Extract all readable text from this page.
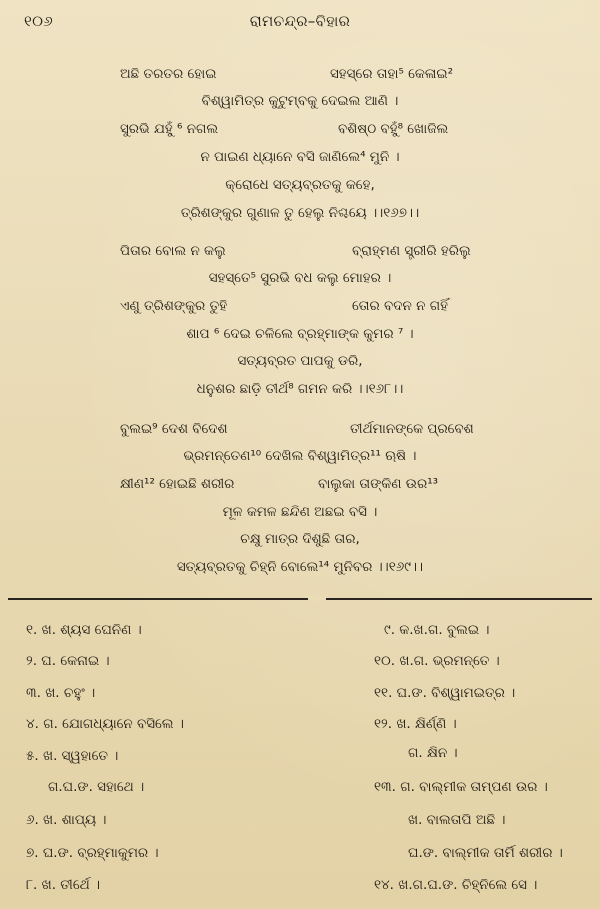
୧୦୬	ରାମଚନ୍ଦ୍ର–ବିହାର
ଅଛି ତରତର ହୋଇ	ସହସ୍ରେ ତାହା⁵ କେଳାଇ²
ବିଶ୍ୱାମିତ୍ର କୁଟୁମ୍ବକୁ ଦେଇଲ ଆଣି ।
ସୁରଭି ଯହୁଁ ⁶ ନଗଲ	ବଶିଷ୍ଠ ବହୁଁ⁸ ଖୋଜିଲ
ନ ପାଇଣ ଧ୍ୟାନେ ବସି ଜାଣିଲେ⁴ ମୁନି ।
କ୍ରୋଧେ ସତ୍ୟବ୍ରତକୁ କହେ,
ତ୍ରିଶଙ୍କୁର ଗୁଣାଳ ତୁ ହେଲୁ ନିଶ୍ଚୟେ ।।୧୬୭।।
ପିତାର ବୋଲ ନ କଲୁ	ବ୍ରାହ୍ମଣ ସ୍ତ୍ରୀରି ହରିଲୁ
ସହସ୍ତେ⁵ ସୁରଭି ବଧ କଲୁ ମୋହର ।
ଏଣୁ ତ୍ରିଶଙ୍କୁର ତୁହି	ତୋର ବଦନ ନ ଗହିଁ
ଶାପ ⁶ ଦେଇ ଚଳିଲେ ବ୍ରହ୍ମାଙ୍କ କୁମର ⁷ ।
ସତ୍ୟବ୍ରତ ପାପକୁ ଡରି,
ଧନୁଶର ଛାଡ଼ି ତୀର୍ଥ⁸ ଗମନ କରି ।।୧୬୮।।
ବୁଲଇ⁹ ଦେଶ ବିଦେଶ	ତୀର୍ଥମାନଙ୍କେ ପ୍ରବେଶ
ଭ୍ରମନ୍ତେଣ¹⁰ ଦେଖିଲ ବିଶ୍ୱାମିତ୍ର¹¹ ଋଷି ।
କ୍ଷୀଣ¹² ହୋଇଛି ଶରୀର	ବାଲୁକା ତାଙ୍କିଣ ଉର¹³
ମୂଳ କମଳ ଛନ୍ଦିଣ ଅଛଇ ବସି ।
ଚକ୍ଷୁ ମାତ୍ର ଦିଶୁଛି ତାର,
ସତ୍ୟବ୍ରତକୁ ଚିହ୍ନି ବୋଲେ¹⁴ ମୁନିବର ।।୧୬୯।।
୧. ଖ. ଶ୍ୟସ ଘେନିଣ ।
୨. ଘ. କେନାଇ ।
୩. ଖ. ଚହୁଂ ।
୪. ଗ. ଯୋଗଧ୍ୟାନେ ବସିଲେ ।
୫. ଖ. ସ୍ୱହାତେ ।
ଗ.ଘ.ଙ. ସହାଥେ ।
୬. ଖ. ଶାପ୍ୟ ।
୭. ଘ.ଙ. ବ୍ରହ୍ମାକୁମର ।
୮. ଖ. ତୀର୍ଥେ ।
୯. କ.ଖ.ଗ. ବୁଲଇ ।
୧୦. ଖ.ଗ. ଭ୍ରମନ୍ତେ ।
୧୧. ଘ.ଙ. ବିଶ୍ୱାମଇତ୍ର ।
୧୨. ଖ. କ୍ଷିର୍ଣ୍ଣି ।
ଗ. କ୍ଷିନ ।
୧୩. ଗ. ବାଲ୍ମୀକ ତାମ୍ପଣ ଉର ।
ଖ. ବାଲତାପି ଅଛି ।
ଘ.ଙ. ବାଲ୍ମୀକ ତାର୍ମି ଶରୀର ।
୧୪. ଖ.ଗ.ଘ.ଙ. ଚିହ୍ନିଲେ ସେ ।
